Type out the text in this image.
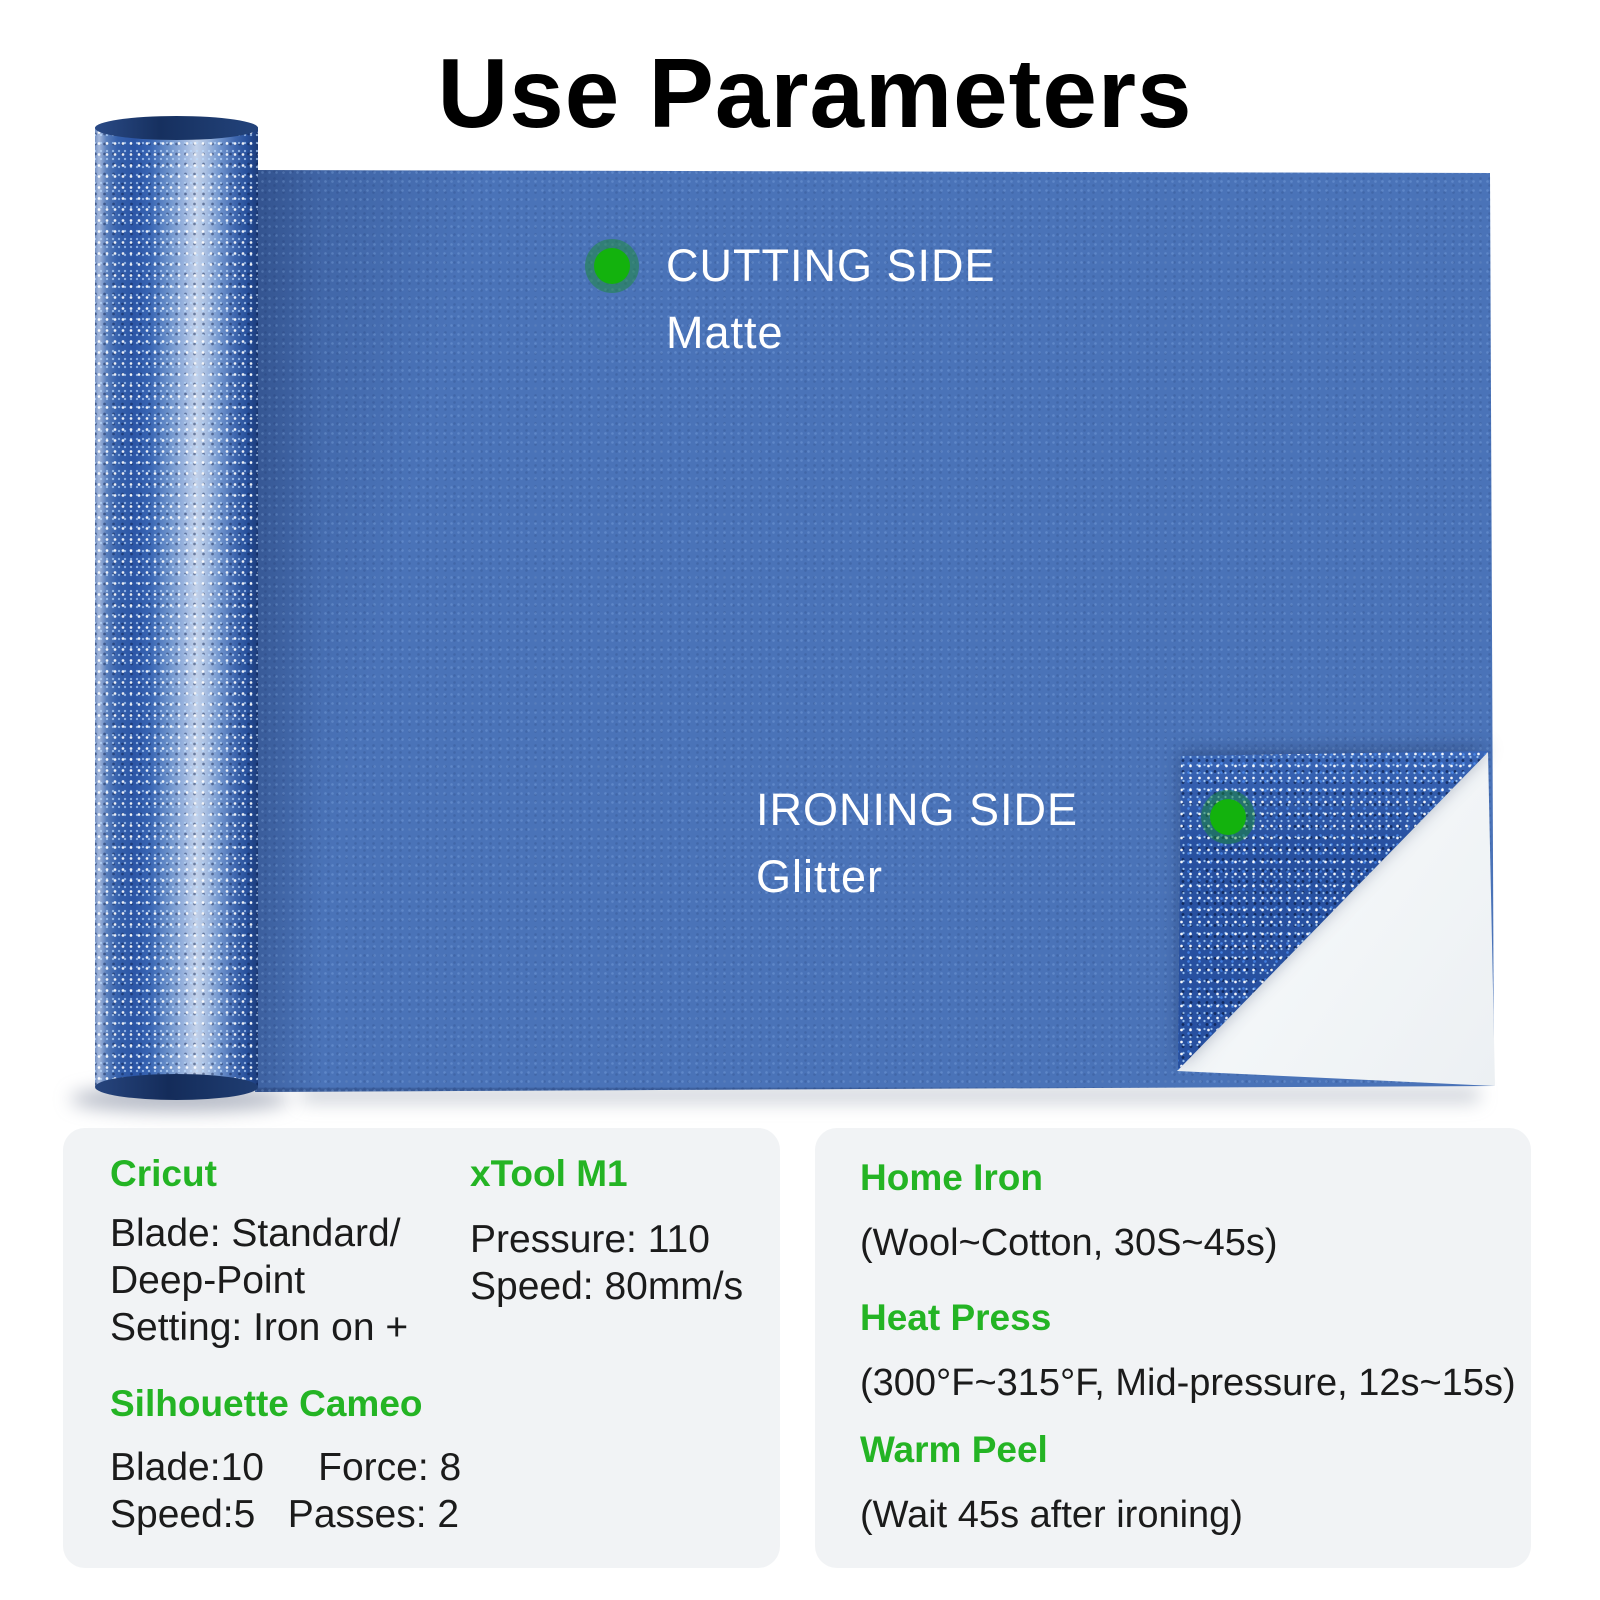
Use Parameters
CUTTING SIDE
Matte
IRONING SIDE
Glitter
Cricut
Blade: Standard/
Deep-Point
Setting: Iron on +
xTool M1
Pressure: 110
Speed: 80mm/s
Silhouette Cameo
Blade:10     Force: 8
Speed:5   Passes: 2
Home Iron
(Wool~Cotton, 30S~45s)
Heat Press
(300°F~315°F, Mid-pressure, 12s~15s)
Warm Peel
(Wait 45s after ironing)
